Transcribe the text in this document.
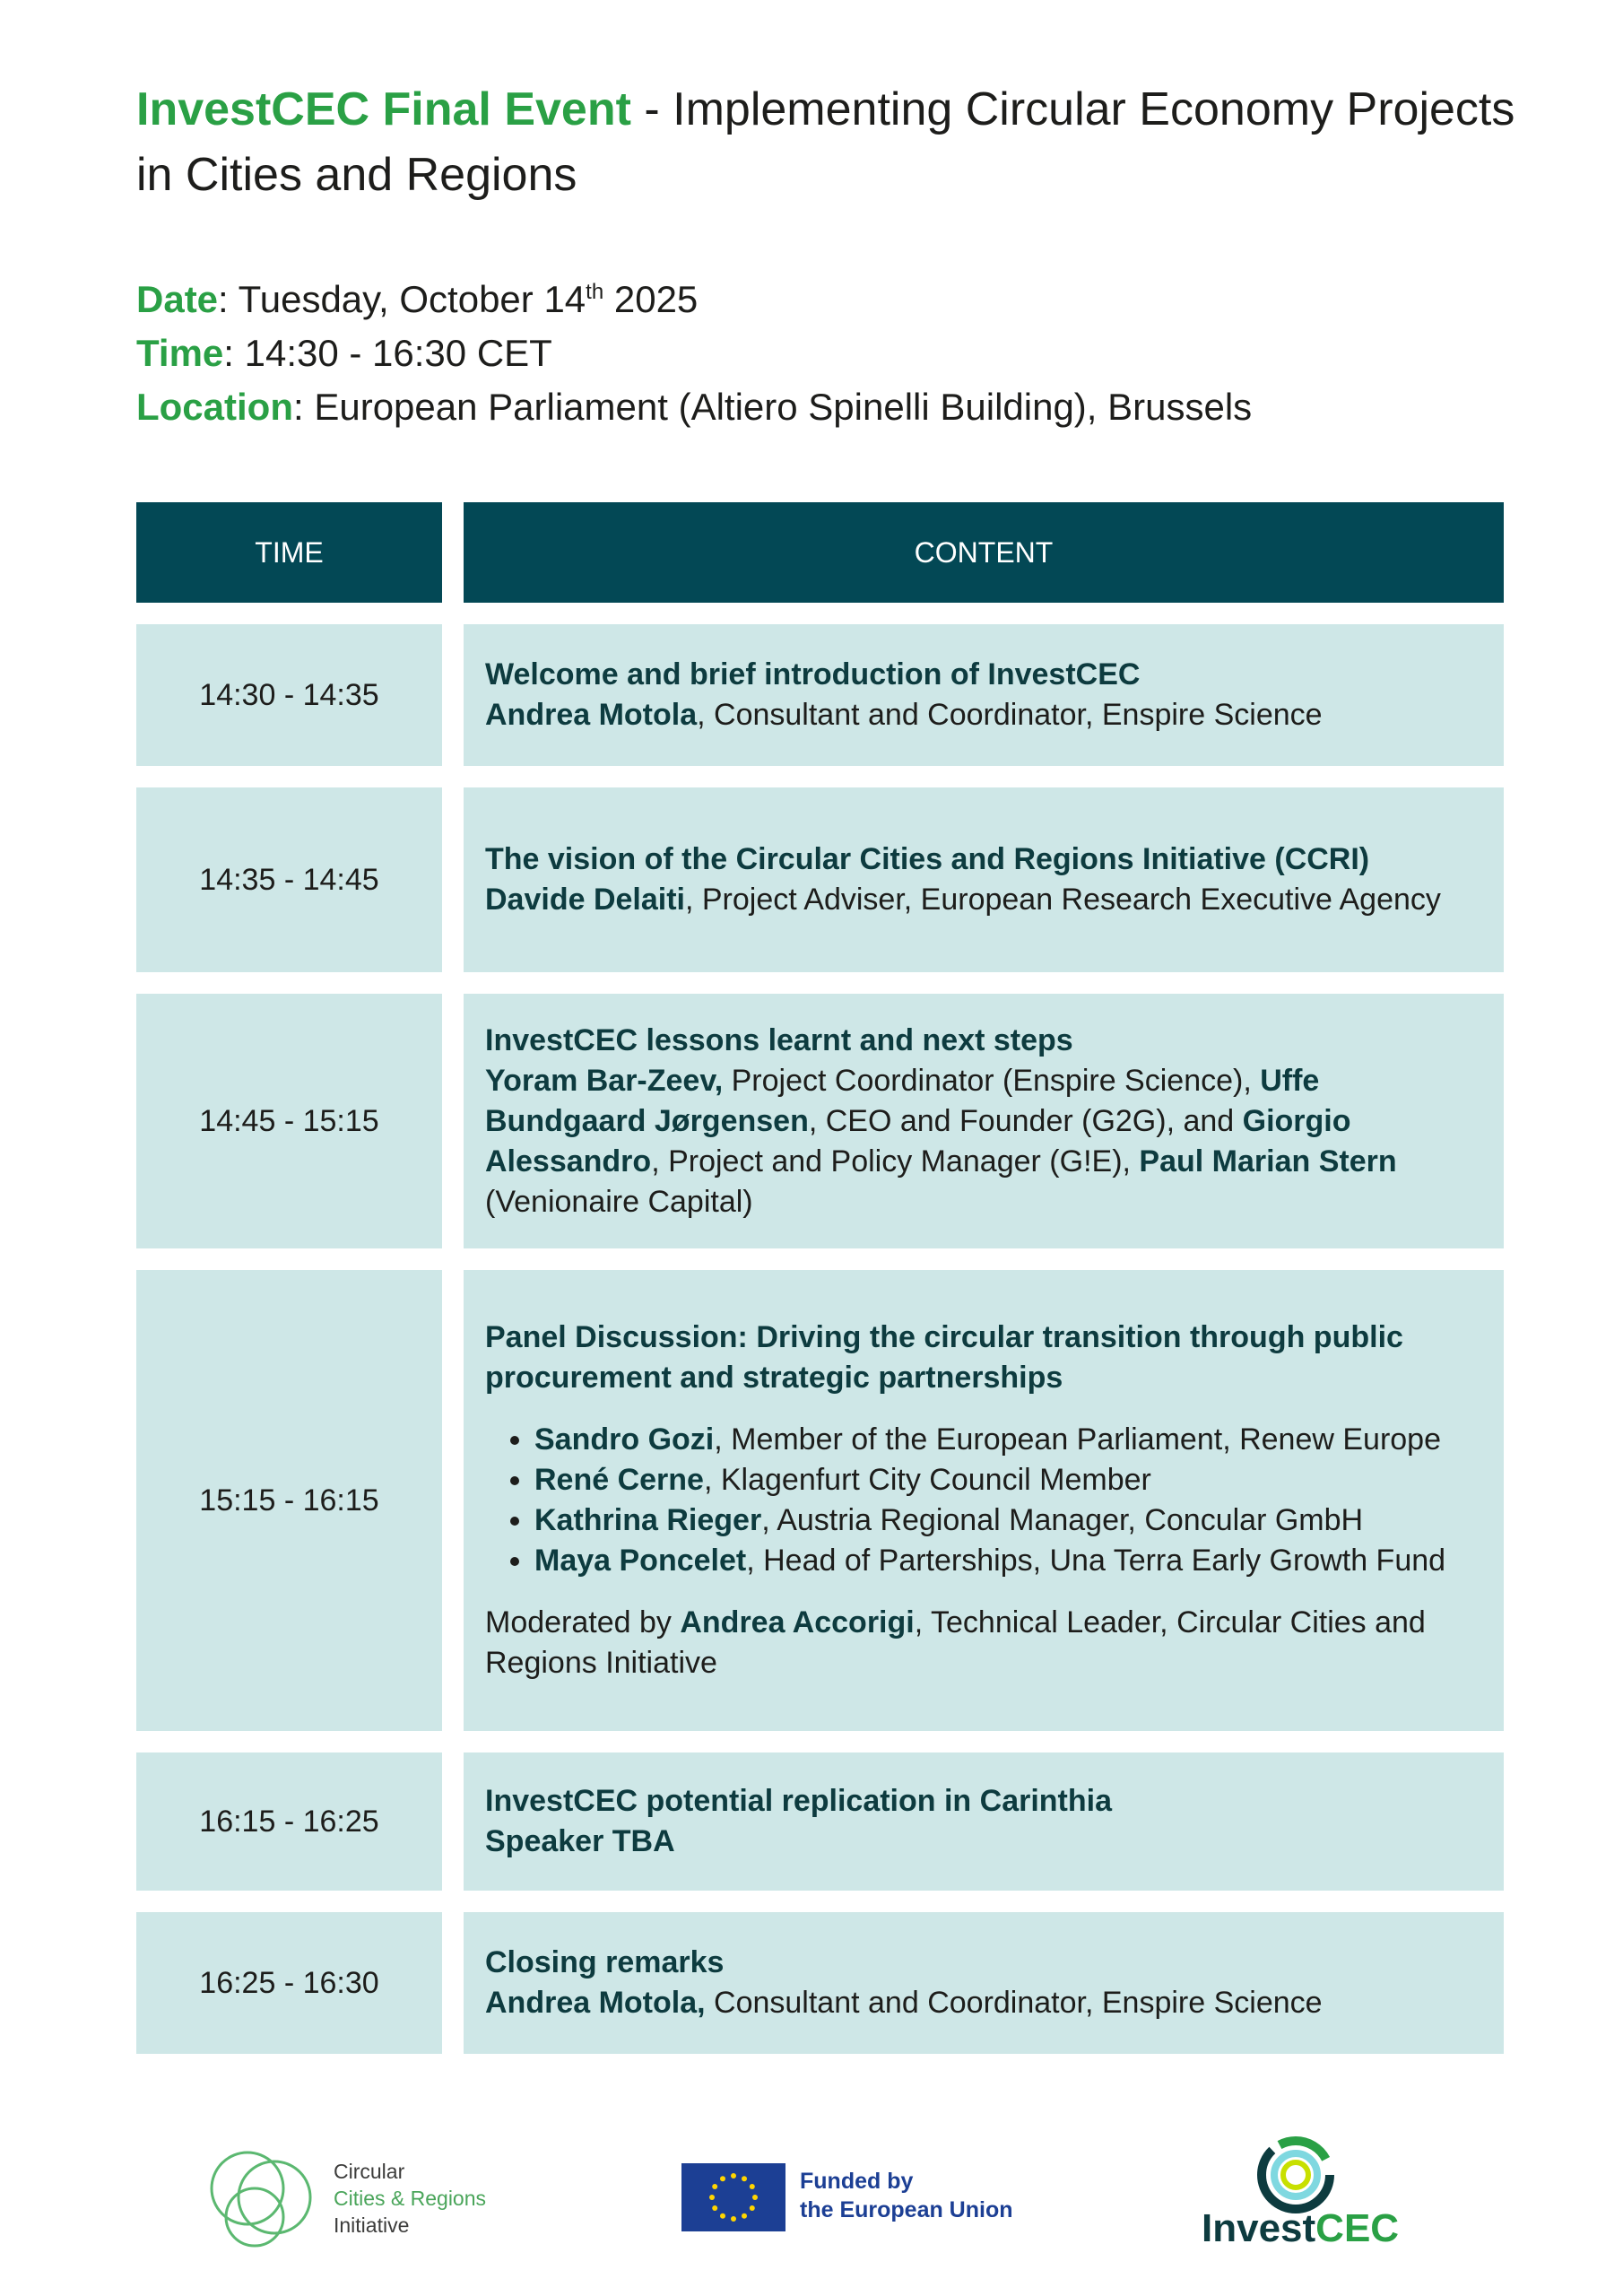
InvestCEC Final Event - Implementing Circular Economy Projects in Cities and Regions
Date: Tuesday, October 14th 2025
Time: 14:30 - 16:30 CET
Location: European Parliament (Altiero Spinelli Building), Brussels
TIME	CONTENT
14:30 - 14:35
Welcome and brief introduction of InvestCEC
Andrea Motola, Consultant and Coordinator, Enspire Science
14:35 - 14:45
The vision of the Circular Cities and Regions Initiative (CCRI)
Davide Delaiti, Project Adviser, European Research Executive Agency
14:45 - 15:15
InvestCEC lessons learnt and next steps
Yoram Bar-Zeev, Project Coordinator (Enspire Science), Uffe Bundgaard Jørgensen, CEO and Founder (G2G), and Giorgio Alessandro, Project and Policy Manager (G!E), Paul Marian Stern (Venionaire Capital)
15:15 - 16:15
Panel Discussion: Driving the circular transition through public procurement and strategic partnerships
• Sandro Gozi, Member of the European Parliament, Renew Europe
• René Cerne, Klagenfurt City Council Member
• Kathrina Rieger, Austria Regional Manager, Concular GmbH
• Maya Poncelet, Head of Parterships, Una Terra Early Growth Fund
Moderated by Andrea Accorigi, Technical Leader, Circular Cities and Regions Initiative
16:15 - 16:25
InvestCEC potential replication in Carinthia
Speaker TBA
16:25 - 16:30
Closing remarks
Andrea Motola, Consultant and Coordinator, Enspire Science
Circular
Cities & Regions
Initiative
Funded by
the European Union	InvestCEC
